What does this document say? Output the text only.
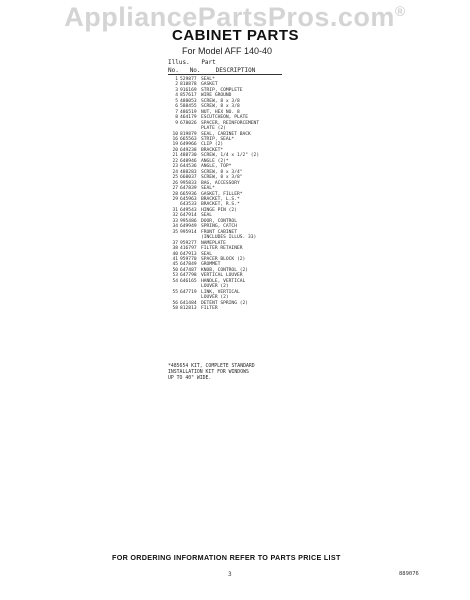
AppliancePartsPros.com®
CABINET PARTS
For Model AFF 140-40
Illus. Part
No. No.	DESCRIPTION
1 529877 SEAL*
2 818878 GASKET
3 916169 STRIP, COMPLETE
4 857617 WIRE GROUND
5 488053 SCREW, 8 x 3/8
6 588455 SCREW, 8 x 3/8
7 486519 NUT, HEX NO. 8
8 464179 ESCUTCHEON, PLATE
9 678026 SPACER, REINFORCEMENT
PLATE (2)
10 819879 SEAL, CABINET BACK
16 665563 STRIP, SEAL*
19 649966 CLIP (2)
20 649238 BRACKET*
21 488730 SCREW, 1/4 x 1/2" (2)
22 648946 ANGLE (2)*
23 644536 ANGLE, TOP*
24 488283 SCREW, 8 x 3/4"
25 668037 SCREW, 8 x 3/8"
26 995833 BAG, ACCESSORY
27 647839 SEAL*
28 665936 GASKET, FILLER*
29 645963 BRACKET, L.S.*
643533 BRACKET, R.S.*
31 649543 HINGE PIN (2)
32 647914 SEAL
33 995486 DOOR, CONTROL
34 649949 SPRING, CATCH
35 995914 FRONT CABINET
(INCLUDES ILLUS. 33)
37 959277 NAMEPLATE
38 416797 FILTER RETAINER
40 647913 SEAL
41 959770 SPACER BLOCK (2)
45 647849 GROMMET
50 647487 KNOB, CONTROL (2)
53 647798 VERTICAL LOUVER
54 646165 HANDLE, VERTICAL
LOUVER (2)
55 647719 LINK, VERTICAL
LOUVER (2)
56 641484 DETENT SPRING (2)
58 812813 FILTER
*485654 KIT, COMPLETE STANDARD
INSTALLATION KIT FOR WINDOWS
UP TO 40" WIDE.
FOR ORDERING INFORMATION REFER TO PARTS PRICE LIST
3	889076
